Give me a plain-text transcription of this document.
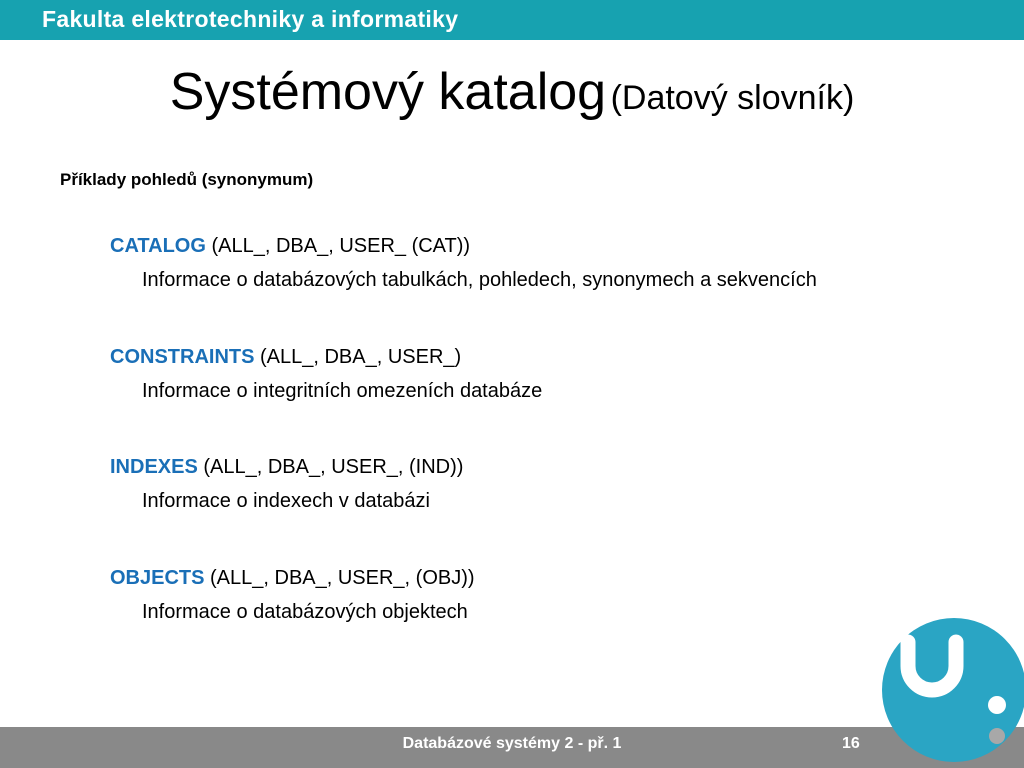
Fakulta elektrotechniky a informatiky
Systémový katalog (Datový slovník)
Příklady pohledů (synonymum)
CATALOG (ALL_, DBA_, USER_ (CAT))
Informace o databázových tabulkách, pohledech, synonymech a sekvencích
CONSTRAINTS (ALL_, DBA_, USER_)
Informace o integritních omezeních databáze
INDEXES (ALL_, DBA_, USER_, (IND))
Informace o indexech v databázi
OBJECTS (ALL_, DBA_, USER_, (OBJ))
Informace o databázových objektech
Databázové systémy 2 - př. 1	16
